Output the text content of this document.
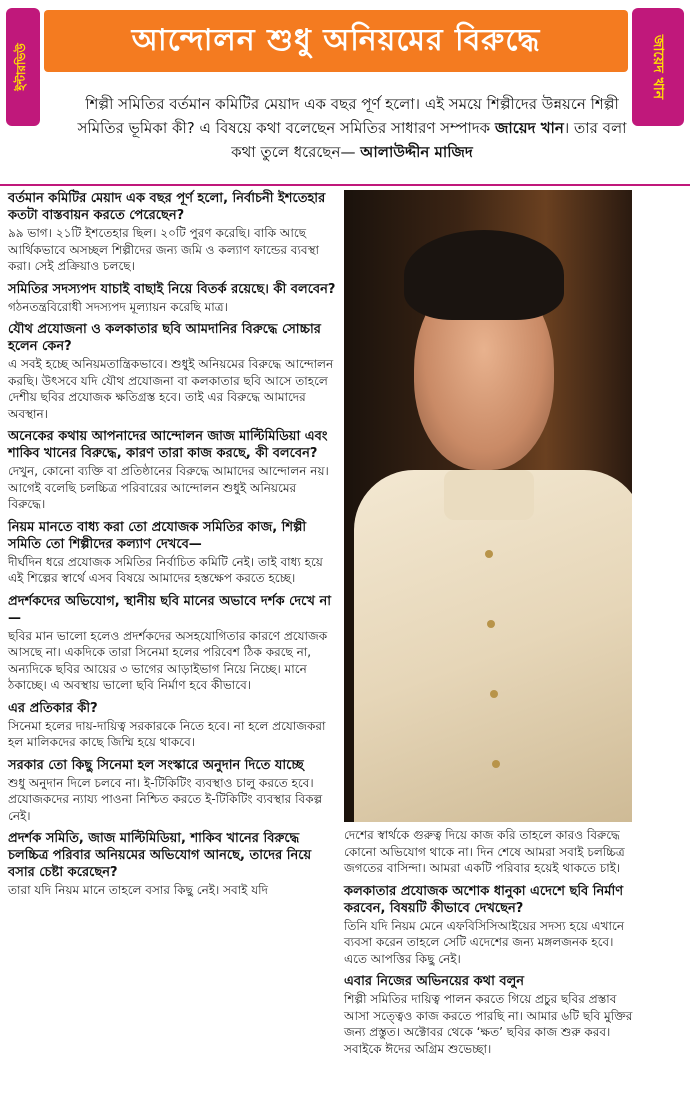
ইন্টারভিউ
আন্দোলন শুধু অনিয়মের বিরুদ্ধে	জায়েদ খান
শিল্পী সমিতির বর্তমান কমিটির মেয়াদ এক বছর পূর্ণ হলো। এই সময়ে শিল্পীদের উন্নয়নে শিল্পী সমিতির ভূমিকা কী? এ বিষয়ে কথা বলেছেন সমিতির সাধারণ সম্পাদক জায়েদ খান। তার বলা কথা তুলে ধরেছেন— আলাউদ্দীন মাজিদ
বর্তমান কমিটির মেয়াদ এক বছর পূর্ণ হলো, নির্বাচনী ইশতেহার কতটা বাস্তবায়ন করতে পেরেছেন?
৯৯ ভাগ। ২১টি ইশতেহার ছিল। ২০টি পুরণ করেছি। বাকি আছে আর্থিকভাবে অসচ্ছল শিল্পীদের জন্য জমি ও কল্যাণ ফান্ডের ব্যবস্থা করা। সেই প্রক্রিয়াও চলছে।
সমিতির সদস্যপদ যাচাই বাছাই নিয়ে বিতর্ক রয়েছে। কী বলবেন?
গঠনতন্ত্রবিরোধী সদস্যপদ মূল্যায়ন করেছি মাত্র।
যৌথ প্রযোজনা ও কলকাতার ছবি আমদানির বিরুদ্ধে সোচ্চার হলেন কেন?
এ সবই হচ্ছে অনিয়মতান্ত্রিকভাবে। শুধুই অনিয়মের বিরুদ্ধে আন্দোলন করছি। উৎসবে যদি যৌথ প্রযোজনা বা কলকাতার ছবি আসে তাহলে দেশীয় ছবির প্রযোজক ক্ষতিগ্রস্ত হবে। তাই এর বিরুদ্ধে আমাদের অবস্থান।
অনেকের কথায় আপনাদের আন্দোলন জাজ মাল্টিমিডিয়া এবং শাকিব খানের বিরুদ্ধে, কারণ তারা কাজ করছে, কী বলবেন?
দেখুন, কোনো ব্যক্তি বা প্রতিষ্ঠানের বিরুদ্ধে আমাদের আন্দোলন নয়। আগেই বলেছি চলচ্চিত্র পরিবারের আন্দোলন শুধুই অনিয়মের বিরুদ্ধে।
নিয়ম মানতে বাধ্য করা তো প্রযোজক সমিতির কাজ, শিল্পী সমিতি তো শিল্পীদের কল্যাণ দেখবে—
দীর্ঘদিন ধরে প্রযোজক সমিতির নির্বাচিত কমিটি নেই। তাই বাধ্য হয়ে এই শিল্পের স্বার্থে এসব বিষয়ে আমাদের হস্তক্ষেপ করতে হচ্ছে।
প্রদর্শকদের অভিযোগ, স্থানীয় ছবি মানের অভাবে দর্শক দেখে না—
ছবির মান ভালো হলেও প্রদর্শকদের অসহযোগিতার কারণে প্রযোজক আসছে না। একদিকে তারা সিনেমা হলের পরিবেশ ঠিক করছে না, অন্যদিকে ছবির আয়ের ৩ ভাগের আড়াইভাগ নিয়ে নিচ্ছে। মানে ঠকাচ্ছে। এ অবস্থায় ভালো ছবি নির্মাণ হবে কীভাবে।
এর প্রতিকার কী?
সিনেমা হলের দায়-দায়িত্ব সরকারকে নিতে হবে। না হলে প্রযোজকরা হল মালিকদের কাছে জিম্মি হয়ে থাকবে।
সরকার তো কিছু সিনেমা হল সংস্কারে অনুদান দিতে যাচ্ছে
শুধু অনুদান দিলে চলবে না। ই-টিকিটিং ব্যবস্থাও চালু করতে হবে। প্রযোজকদের ন্যায্য পাওনা নিশ্চিত করতে ই-টিকিটিং ব্যবস্থার বিকল্প নেই।
প্রদর্শক সমিতি, জাজ মাল্টিমিডিয়া, শাকিব খানের বিরুদ্ধে চলচ্চিত্র পরিবার অনিয়মের অভিযোগ আনছে, তাদের নিয়ে বসার চেষ্টা করেছেন?
তারা যদি নিয়ম মানে তাহলে বসার কিছু নেই। সবাই যদি
দেশের স্বার্থকে গুরুত্ব দিয়ে কাজ করি তাহলে কারও বিরুদ্ধে কোনো অভিযোগ থাকে না। দিন শেষে আমরা সবাই চলচ্চিত্র জগতের বাসিন্দা। আমরা একটি পরিবার হয়েই থাকতে চাই।
কলকাতার প্রযোজক অশোক ধানুকা এদেশে ছবি নির্মাণ করবেন, বিষয়টি কীভাবে দেখছেন?
তিনি যদি নিয়ম মেনে এফবিসিসিআইয়ের সদস্য হয়ে এখানে ব্যবসা করেন তাহলে সেটি এদেশের জন্য মঙ্গলজনক হবে। এতে আপত্তির কিছু নেই।
এবার নিজের অভিনয়ের কথা বলুন
শিল্পী সমিতির দায়িত্ব পালন করতে গিয়ে প্রচুর ছবির প্রস্তাব আসা সত্ত্বেও কাজ করতে পারছি না। আমার ৬টি ছবি মুক্তির জন্য প্রস্তুত। অক্টোবর থেকে ‘ক্ষত’ ছবির কাজ শুরু করব। সবাইকে ঈদের অগ্রিম শুভেচ্ছা।
